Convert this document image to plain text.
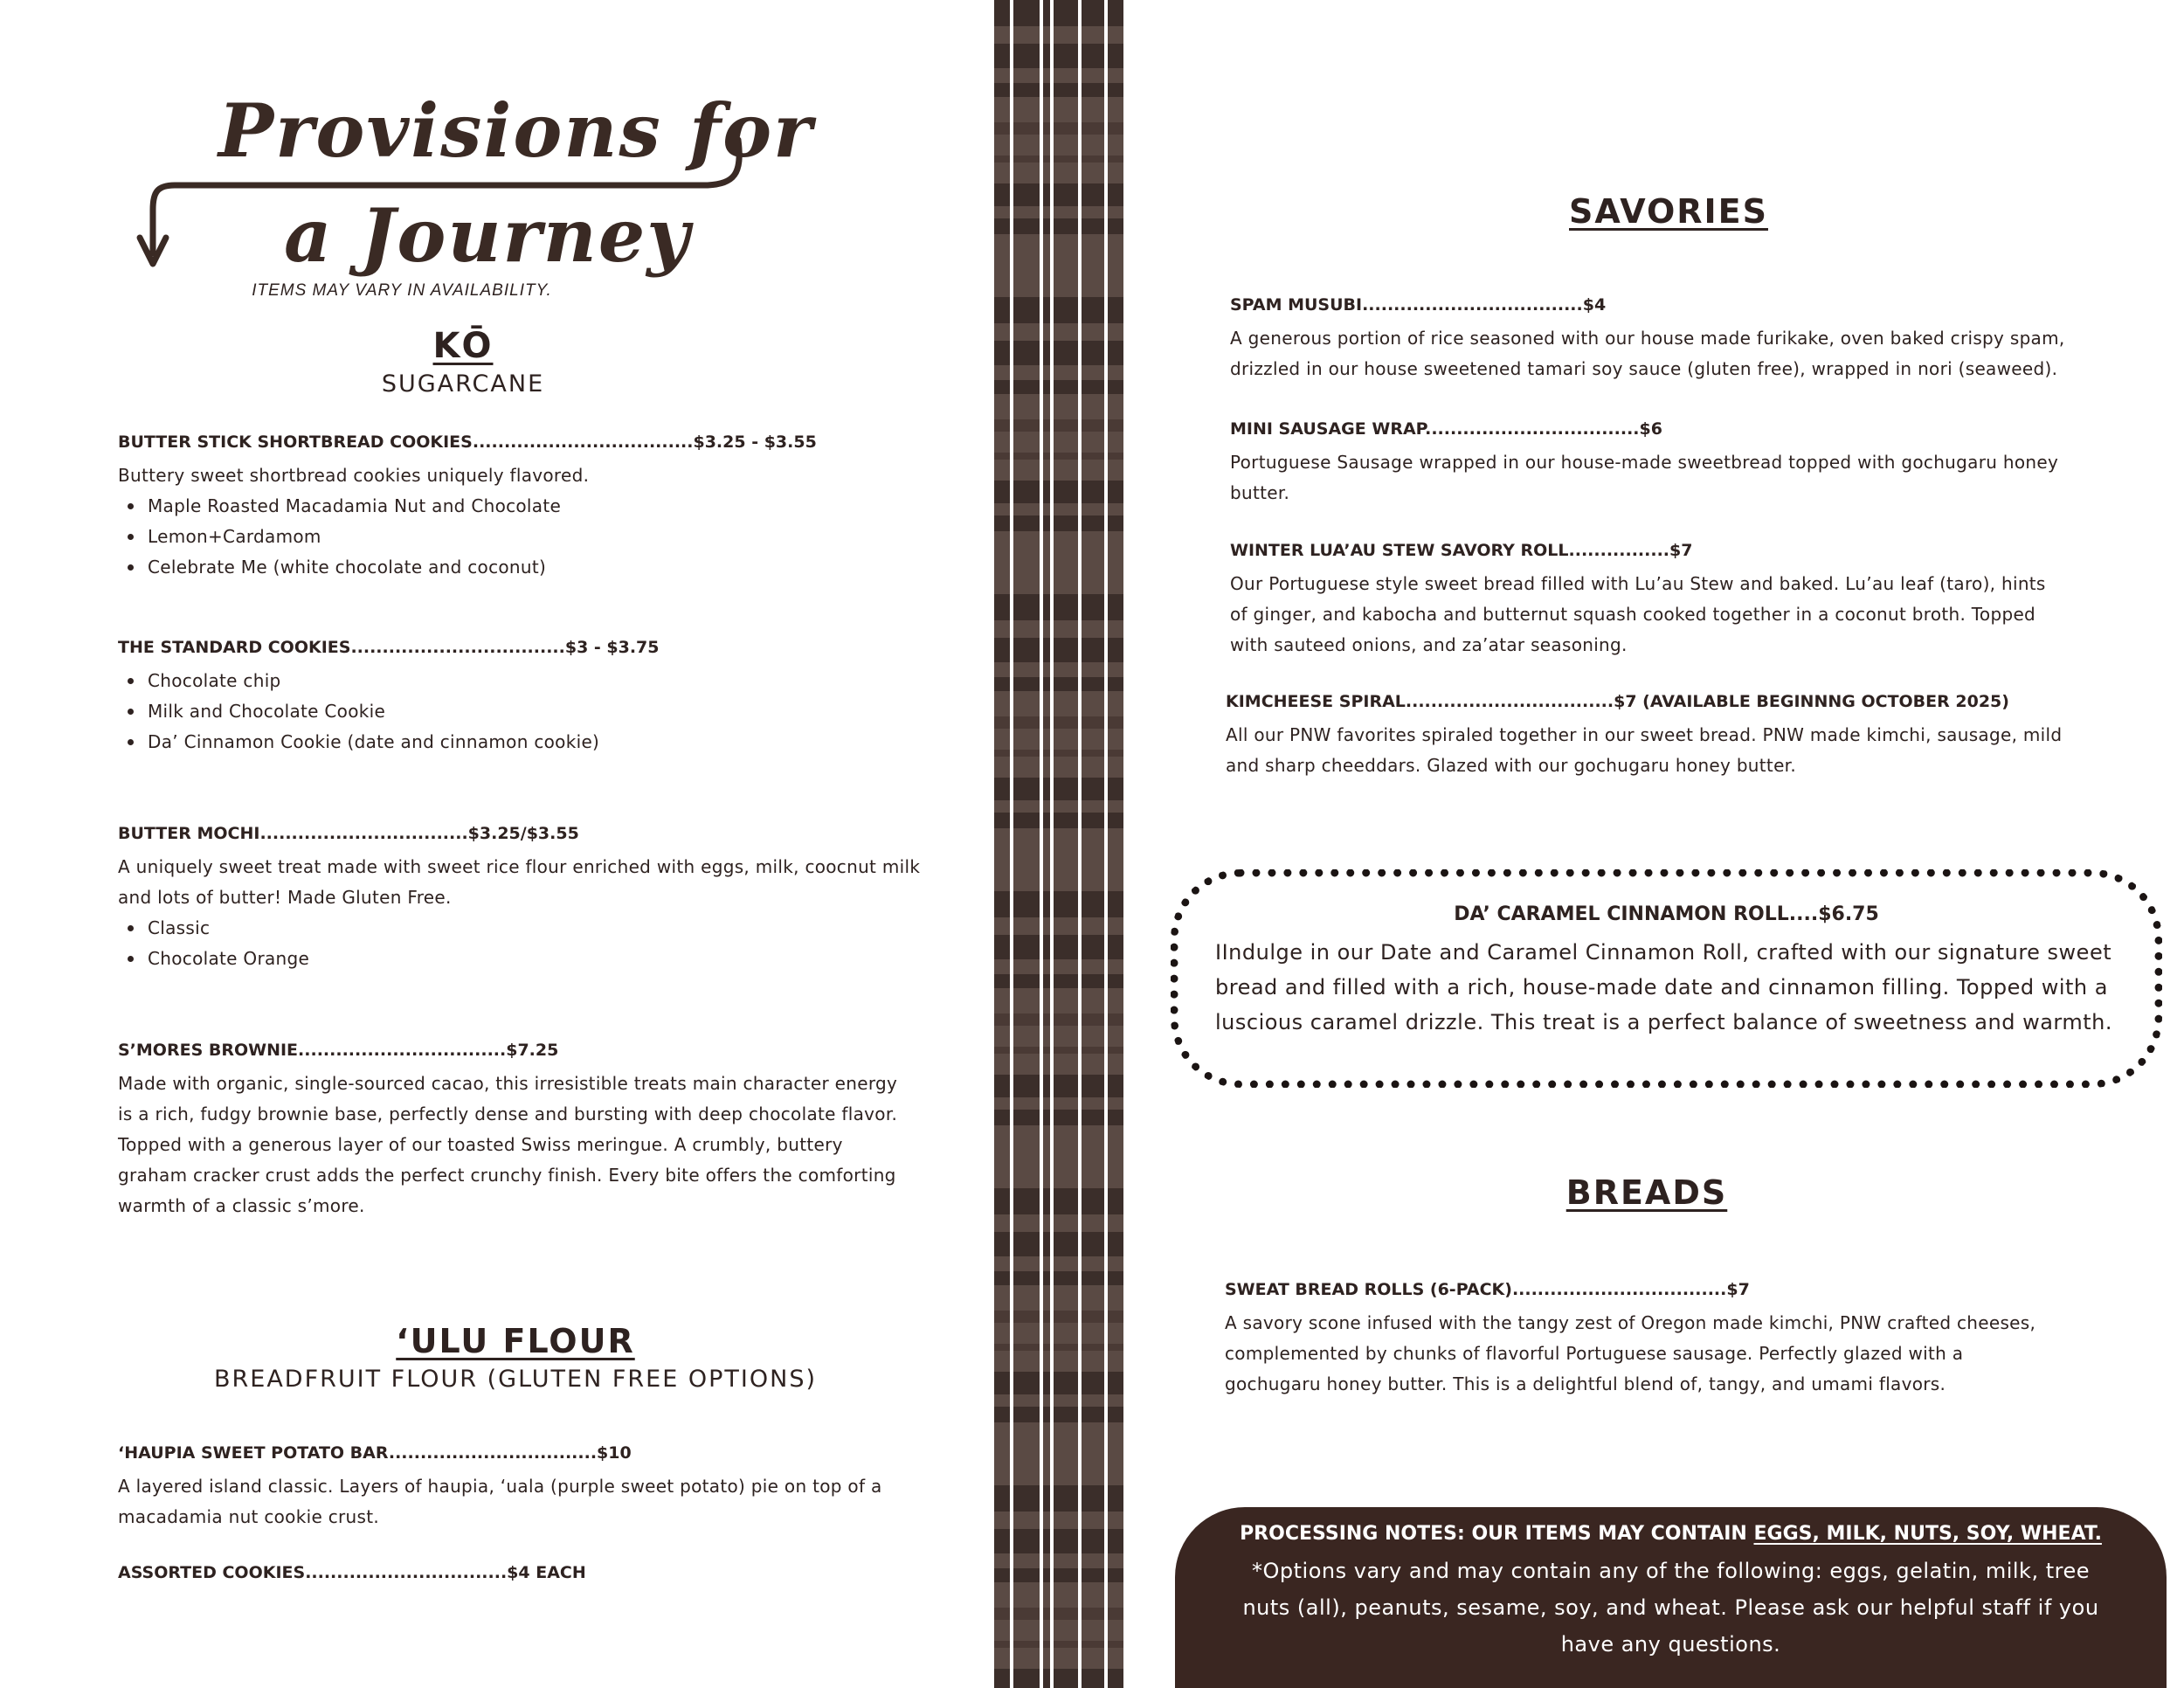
Provisions for
a Journey
ITEMS MAY VARY IN AVAILABILITY.
KŌ
SUGARCANE
BUTTER STICK SHORTBREAD COOKIES...................................$3.25 - $3.55
Buttery sweet shortbread cookies uniquely flavored.
Maple Roasted Macadamia Nut and Chocolate
Lemon+Cardamom
Celebrate Me (white chocolate and coconut)
THE STANDARD COOKIES..................................$3 - $3.75
Chocolate chip
Milk and Chocolate Cookie
Da’ Cinnamon Cookie (date and cinnamon cookie)
BUTTER MOCHI.................................$3.25/$3.55
A uniquely sweet treat made with sweet rice flour enriched with eggs, milk, coocnut milk and lots of butter! Made Gluten Free.
Classic
Chocolate Orange
S’MORES BROWNIE.................................$7.25
Made with organic, single-sourced cacao, this irresistible treats main character energy is a rich, fudgy brownie base, perfectly dense and bursting with deep chocolate flavor. Topped with a generous layer of our toasted Swiss meringue. A crumbly, buttery graham cracker crust adds the perfect crunchy finish. Every bite offers the comforting warmth of a classic s’more.
‘ULU FLOUR
BREADFRUIT FLOUR (GLUTEN FREE OPTIONS)
‘HAUPIA SWEET POTATO BAR.................................$10
A layered island classic. Layers of haupia, ‘uala (purple sweet potato) pie on top of a macadamia nut cookie crust.
ASSORTED COOKIES................................$4 EACH
SAVORIES
SPAM MUSUBI...................................$4
A generous portion of rice seasoned with our house made furikake, oven baked crispy spam, drizzled in our house sweetened tamari soy sauce (gluten free), wrapped in nori (seaweed).
MINI SAUSAGE WRAP..................................$6
Portuguese Sausage wrapped in our house-made sweetbread topped with gochugaru honey butter.
WINTER LUA’AU STEW SAVORY ROLL................$7
Our Portuguese style sweet bread filled with Lu’au Stew and baked. Lu’au leaf (taro), hints of ginger, and kabocha and butternut squash cooked together in a coconut broth. Topped with sauteed onions, and za’atar seasoning.
KIMCHEESE SPIRAL.................................$7 (AVAILABLE BEGINNNG OCTOBER 2025)
All our PNW favorites spiraled together in our sweet bread. PNW made kimchi, sausage, mild and sharp cheeddars. Glazed with our gochugaru honey butter.
DA’ CARAMEL CINNAMON ROLL....$6.75
IIndulge in our Date and Caramel Cinnamon Roll, crafted with our signature sweet bread and filled with a rich, house-made date and cinnamon filling. Topped with a luscious caramel drizzle. This treat is a perfect balance of sweetness and warmth.
BREADS
SWEAT BREAD ROLLS (6-PACK)..................................$7
A savory scone infused with the tangy zest of Oregon made kimchi, PNW crafted cheeses, complemented by chunks of flavorful Portuguese sausage. Perfectly glazed with a gochugaru honey butter. This is a delightful blend of, tangy, and umami flavors.
PROCESSING NOTES: OUR ITEMS MAY CONTAIN EGGS, MILK, NUTS, SOY, WHEAT.
*Options vary and may contain any of the following: eggs, gelatin, milk, tree nuts (all), peanuts, sesame, soy, and wheat. Please ask our helpful staff if you have any questions.
